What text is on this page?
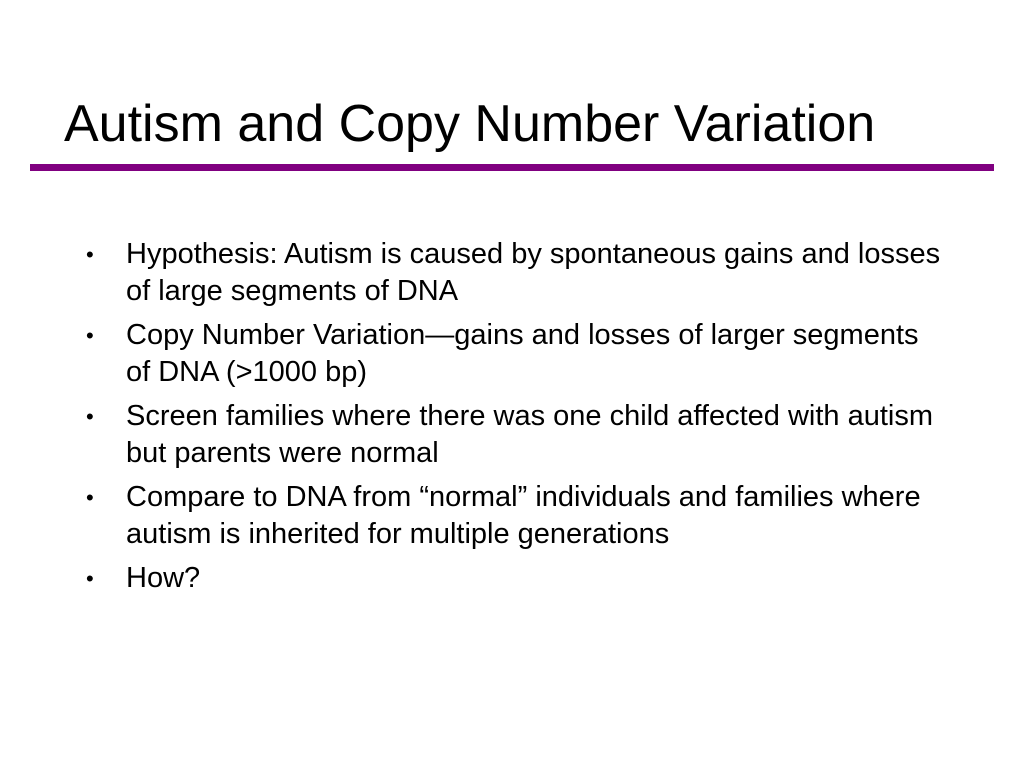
Autism and Copy Number Variation
•	Hypothesis: Autism is caused by spontaneous gains and losses of large segments of DNA
•	Copy Number Variation—gains and losses of larger segments of DNA (>1000 bp)
•	Screen families where there was one child affected with autism but parents were normal
•	Compare to DNA from “normal” individuals and families where autism is inherited for multiple generations
•	How?
